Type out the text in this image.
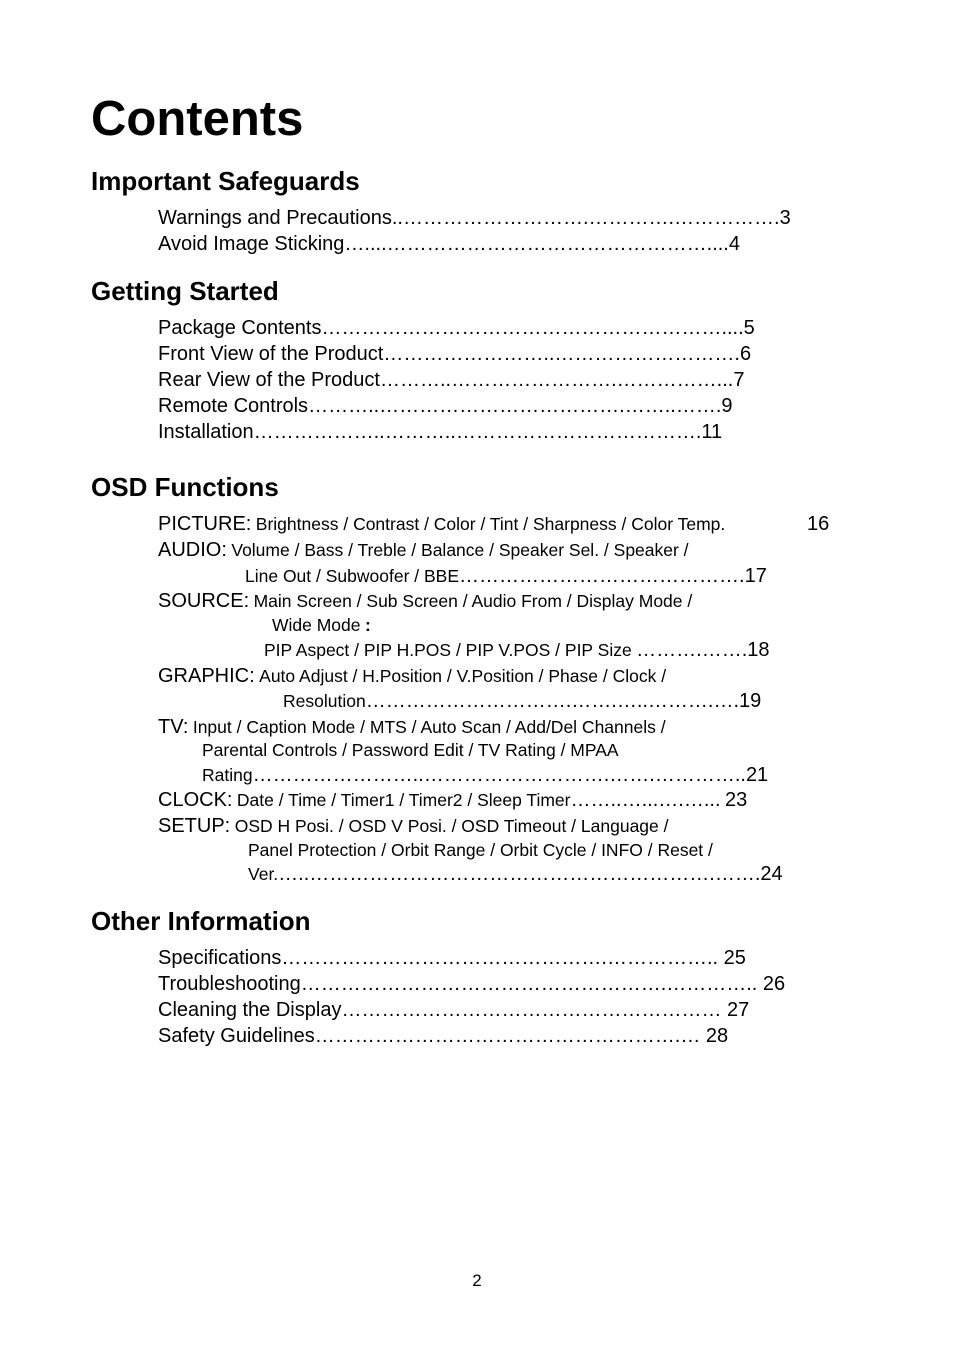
Contents
Important Safeguards
Warnings and Precautions..……………………….………….…………….3
Avoid Image Sticking…....…………………………………………....4
Getting Started
Package Contents……………………………………………………....5
Front View of the Product……………………..……………………….6
Rear View of the Product………..…………………….……………...7
Remote Controls………..……………………………….……..…….9
Installation………………..………..……………………………….11
OSD Functions
PICTURE: Brightness / Contrast / Color / Tint / Sharpness / Color Temp.	16
AUDIO: Volume / Bass / Treble / Balance / Speaker Sel. / Speaker /
Line Out / Subwoofer / BBE…………………………………….17
SOURCE: Main Screen / Sub Screen / Audio From / Display Mode /
Wide Mode :
PIP Aspect / PIP H.POS / PIP V.POS / PIP Size ……….…….18
GRAPHIC: Auto Adjust / H.Position / V.Position / Phase / Clock /
Resolution………………………….…….…..……….….19
TV: Input / Caption Mode / MTS / Auto Scan / Add/Del Channels /
Parental Controls / Password Edit / TV Rating / MPAA
Rating……………………..……………………….…….…………..21
CLOCK: Date / Time / Timer1 / Timer2 / Sleep Timer……..…...….…... 23
SETUP: OSD H Posi. / OSD V Posi. / OSD Timeout / Language /
Panel Protection / Orbit Range / Orbit Cycle / INFO / Reset /
Ver.…..…………………………………………………….…….24
Other Information
Specifications………………………………………….…………….. 25
Troubleshooting……………………………………………….………….. 26
Cleaning the Display………………………………………………… 27
Safety Guidelines……………………………………………….… 28
2
